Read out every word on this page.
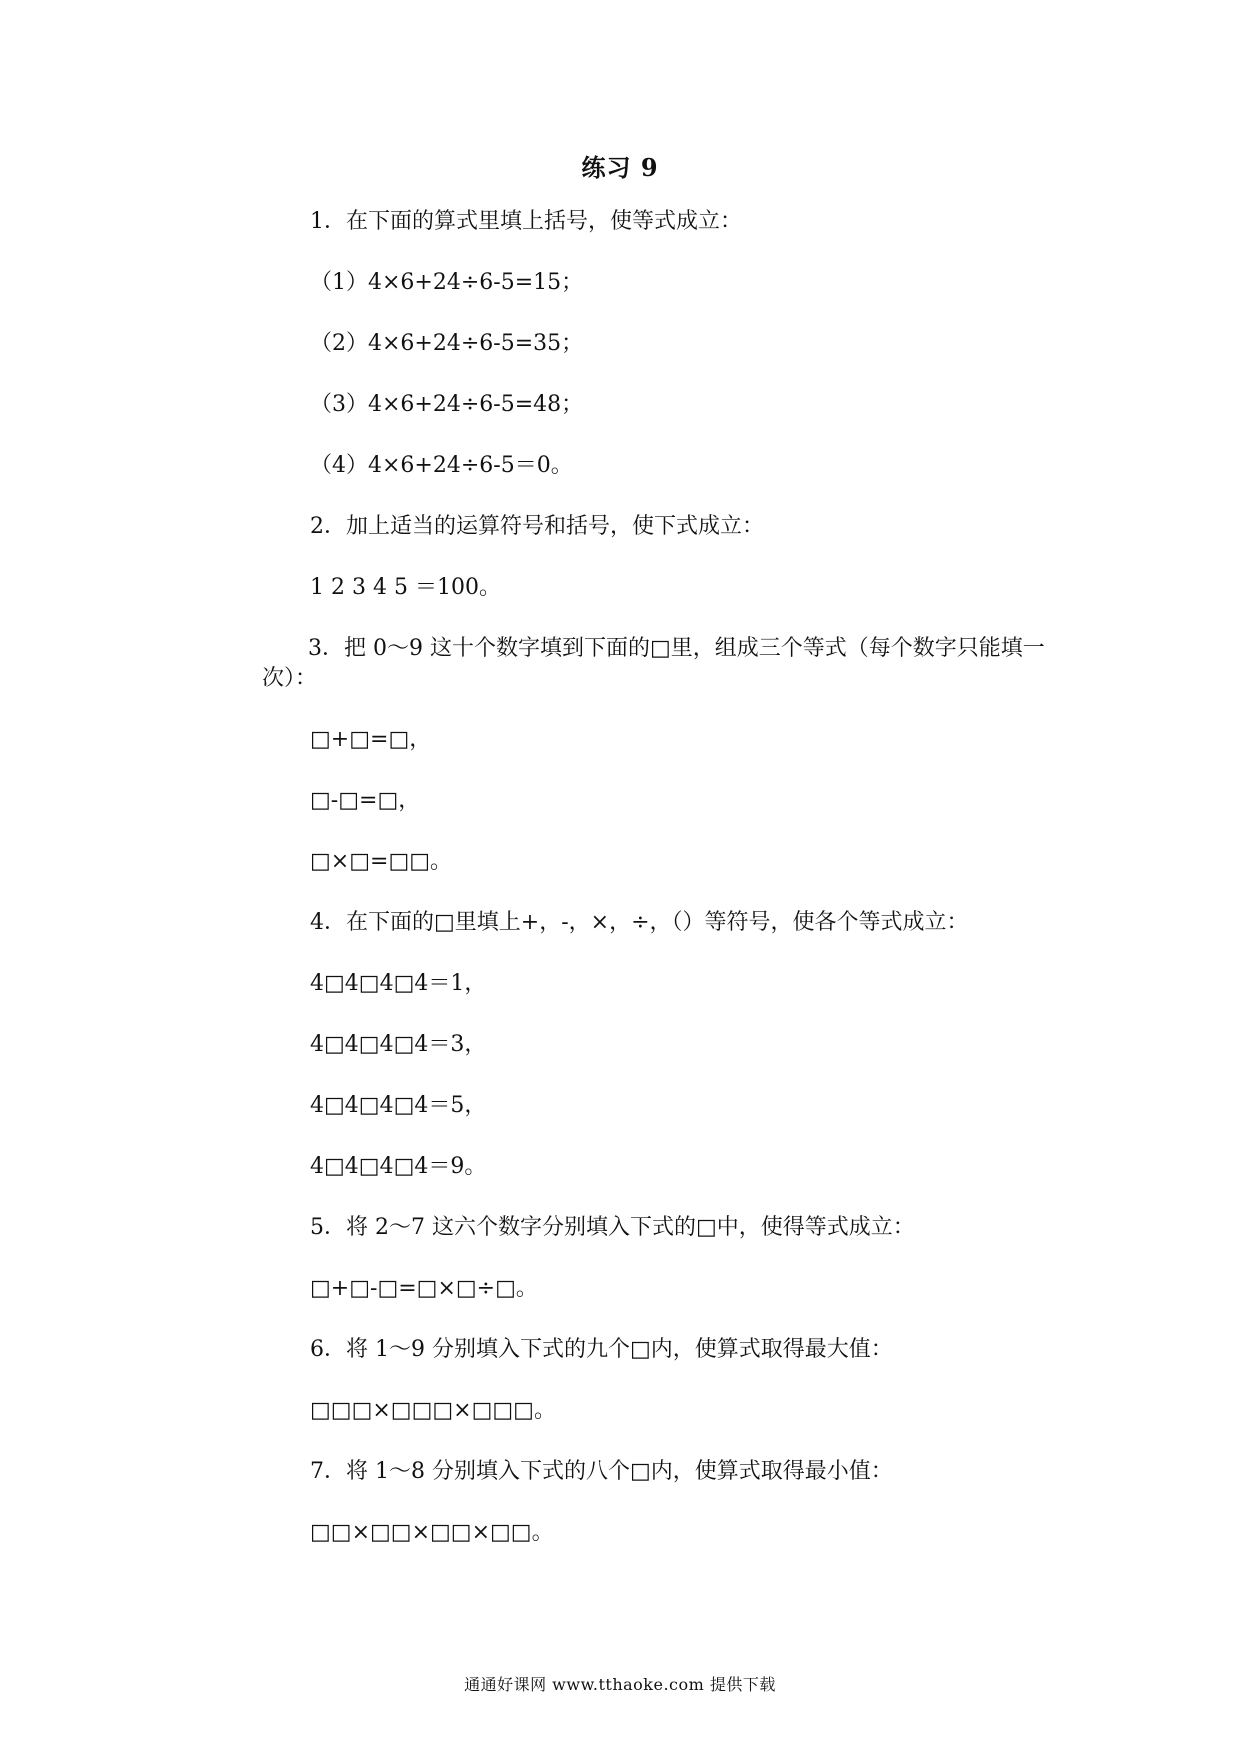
练习 9
1．在下面的算式里填上括号，使等式成立：
（1）4×6+24÷6-5=15；
（2）4×6+24÷6-5=35；
（3）4×6+24÷6-5=48；
（4）4×6+24÷6-5＝0。
2．加上适当的运算符号和括号，使下式成立：
1 2 3 4 5 ＝100。
3．把 0～9 这十个数字填到下面的□里，组成三个等式（每个数字只能填一次）：
□+□=□，
□-□=□，
□×□=□□。
4．在下面的□里填上+，-，×，÷，（）等符号，使各个等式成立：
4□4□4□4＝1，
4□4□4□4＝3，
4□4□4□4＝5，
4□4□4□4＝9。
5．将 2～7 这六个数字分别填入下式的□中，使得等式成立：
□+□-□=□×□÷□。
6．将 1～9 分别填入下式的九个□内，使算式取得最大值：
□□□×□□□×□□□。
7．将 1～8 分别填入下式的八个□内，使算式取得最小值：
□□×□□×□□×□□。
通通好课网 www.tthaoke.com 提供下载
